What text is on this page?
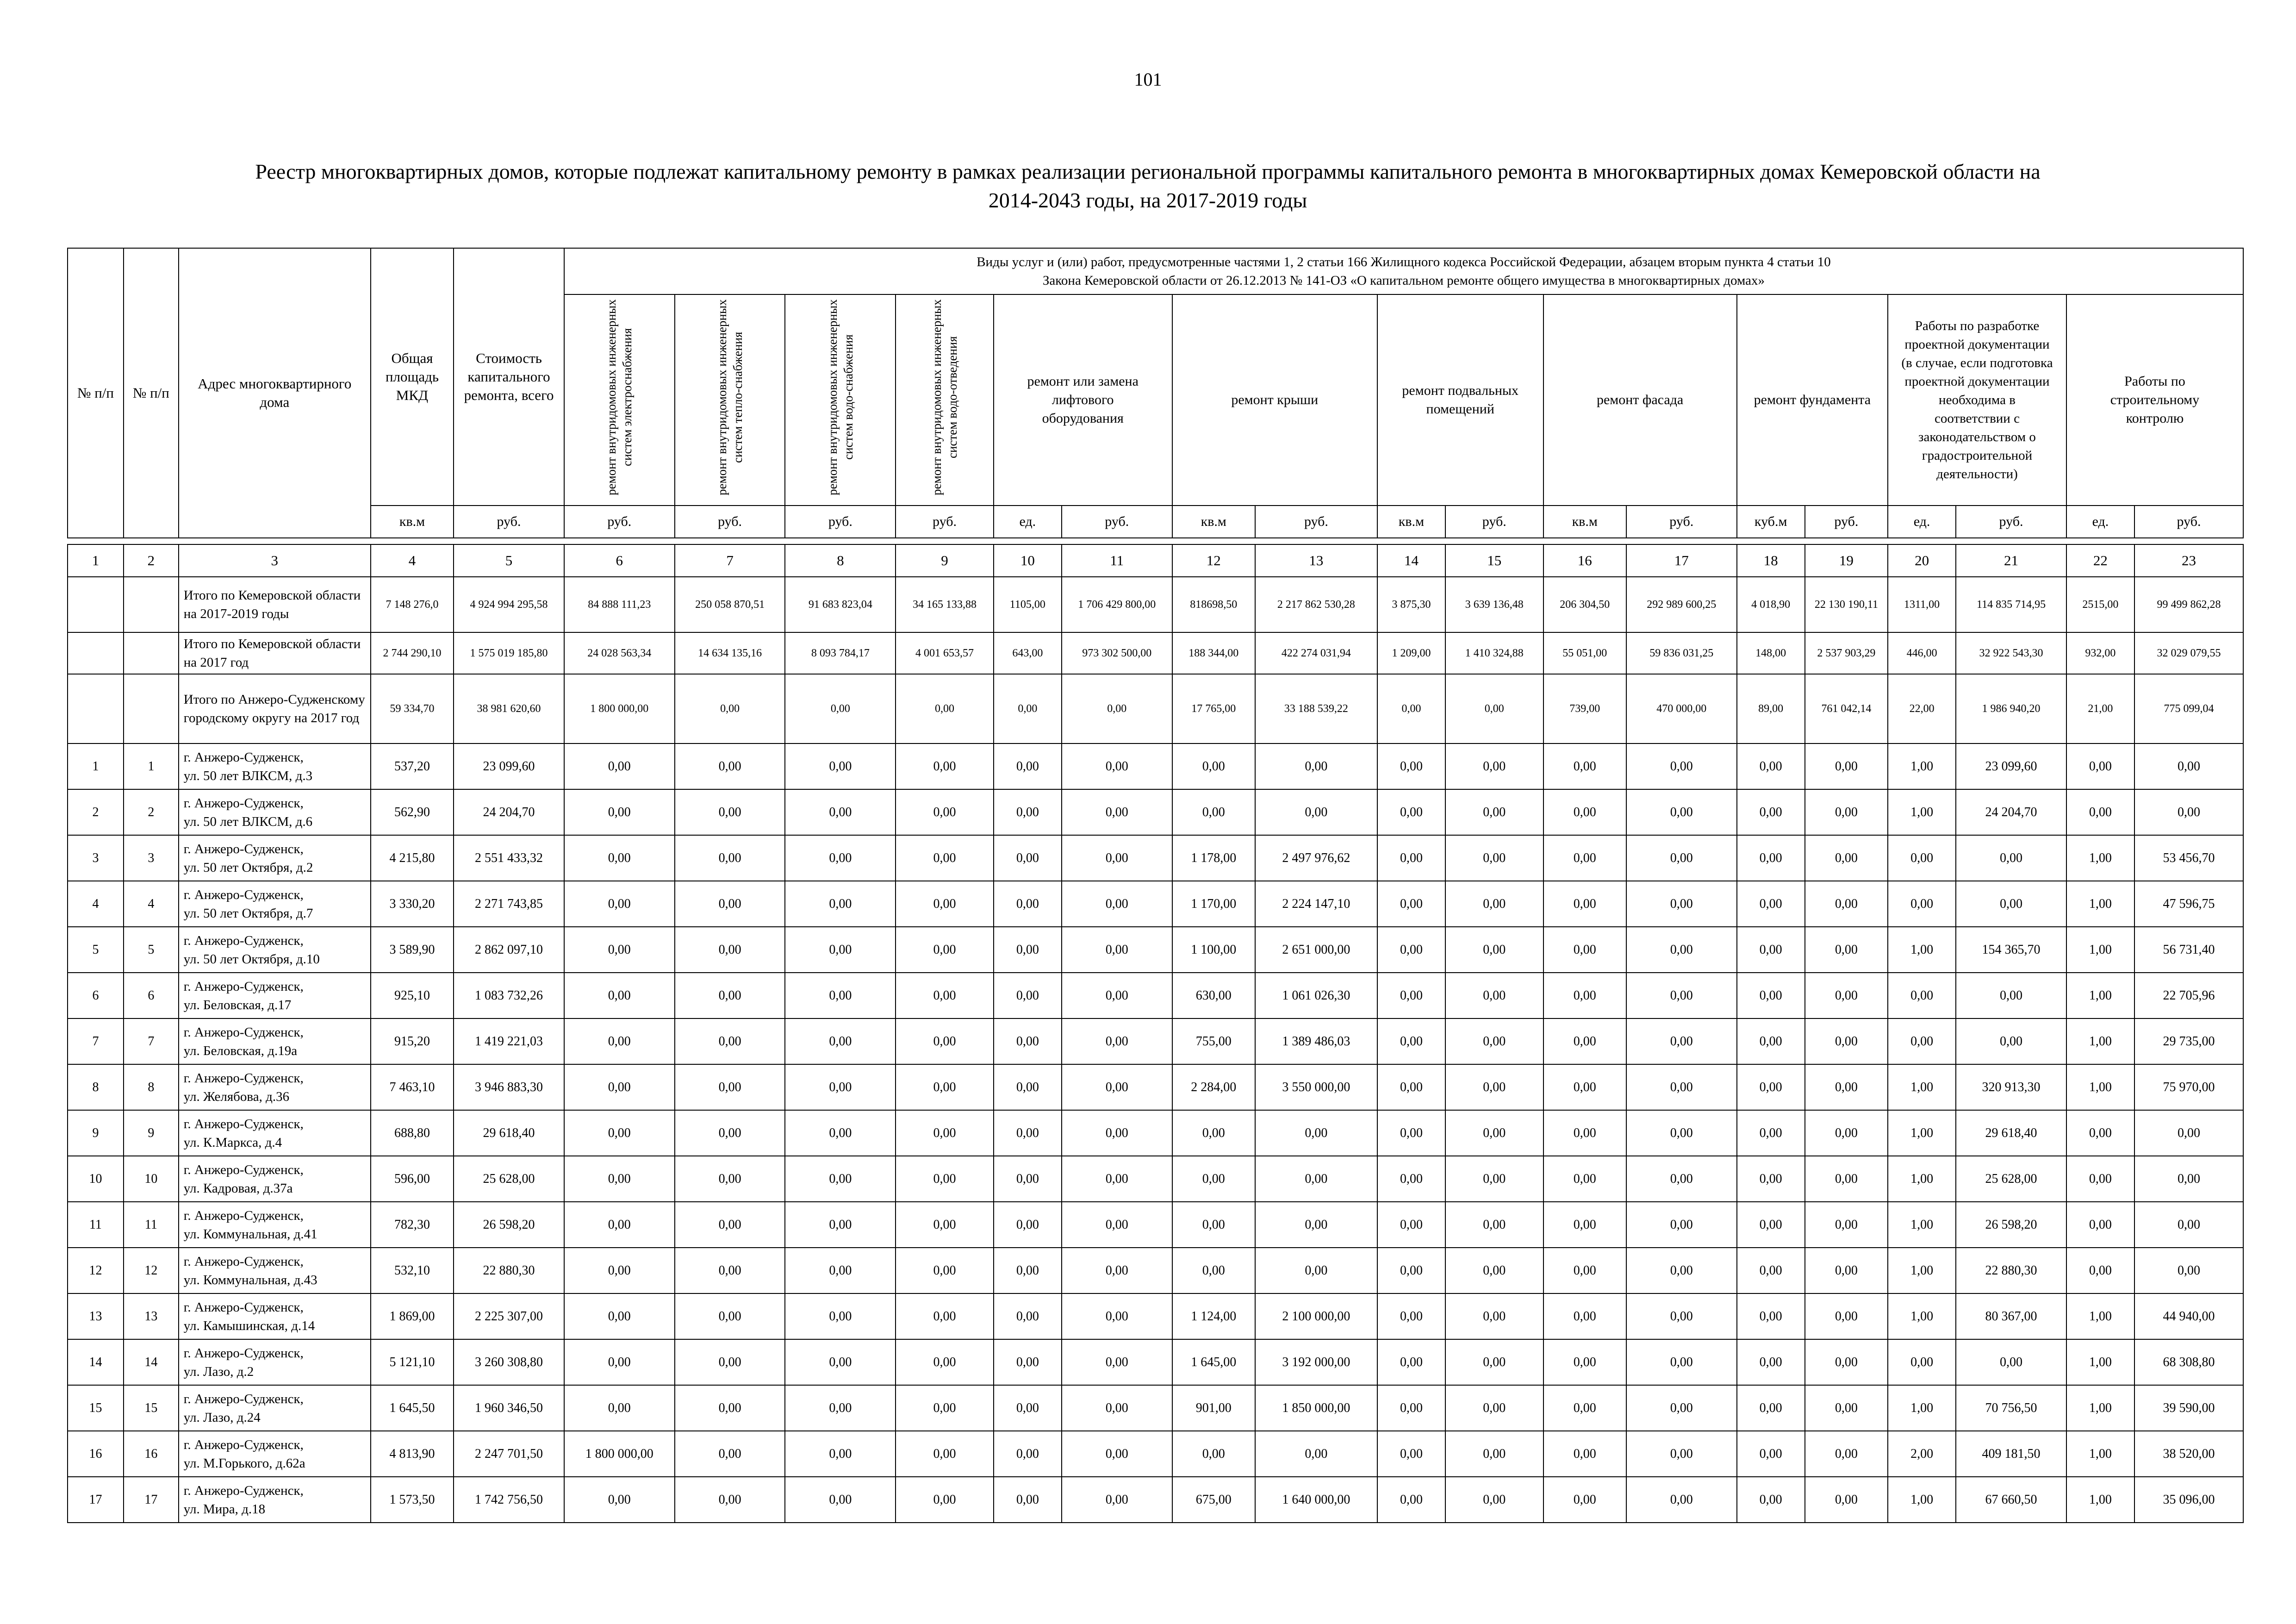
101
Реестр многоквартирных домов, которые подлежат капитальному ремонту в рамках реализации региональной программы капитального ремонта в многоквартирных домах Кемеровской области на
2014-2043 годы, на 2017-2019 годы
№ п/п	№ п/п	Адрес многоквартирного дома	Общая площадь МКД	Стоимость капитального ремонта, всего	Виды услуг и (или) работ, предусмотренные частями 1, 2 статьи 166 Жилищного кодекса Российской Федерации, абзацем вторым пункта 4 статьи 10
Закона Кемеровской области от 26.12.2013 № 141-ОЗ «О капитальном ремонте общего имущества в многоквартирных домах»																	

					ремонт внутридомовых инженерных систем электроснабжения	ремонт внутридомовых инженерных систем тепло-снабжения	ремонт внутридомовых инженерных систем водо-снабжения	ремонт внутридомовых инженерных систем водо-отведения	ремонт или замена лифтового оборудования		ремонт крыши		ремонт подвальных помещений		ремонт фасада		ремонт фундамента		Работы по разработке проектной документации (в случае, если подготовка проектной документации необходима в соответствии с законодательством о градостроительной деятельности)		Работы по строительному контролю	
			кв.м	руб.	руб.	руб.	руб.	руб.	ед.	руб.	кв.м	руб.	кв.м	руб.	кв.м	руб.	куб.м	руб.	ед.	руб.	ед.	руб.

1	2	3	4	5	6	7	8	9	10	11	12	13	14	15	16	17	18	19	20	21	22	23
		Итого по Кемеровской области на 2017-2019 годы	7 148 276,0	4 924 994 295,58	84 888 111,23	250 058 870,51	91 683 823,04	34 165 133,88	1105,00	1 706 429 800,00	818698,50	2 217 862 530,28	3 875,30	3 639 136,48	206 304,50	292 989 600,25	4 018,90	22 130 190,11	1311,00	114 835 714,95	2515,00	99 499 862,28
		Итого по Кемеровской области на 2017 год	2 744 290,10	1 575 019 185,80	24 028 563,34	14 634 135,16	8 093 784,17	4 001 653,57	643,00	973 302 500,00	188 344,00	422 274 031,94	1 209,00	1 410 324,88	55 051,00	59 836 031,25	148,00	2 537 903,29	446,00	32 922 543,30	932,00	32 029 079,55
		Итого по Анжеро-Судженскому городскому округу на 2017 год	59 334,70	38 981 620,60	1 800 000,00	0,00	0,00	0,00	0,00	0,00	17 765,00	33 188 539,22	0,00	0,00	739,00	470 000,00	89,00	761 042,14	22,00	1 986 940,20	21,00	775 099,04
1	1	г. Анжеро-Судженск,
ул. 50 лет ВЛКСМ, д.3	537,20	23 099,60	0,00	0,00	0,00	0,00	0,00	0,00	0,00	0,00	0,00	0,00	0,00	0,00	0,00	0,00	1,00	23 099,60	0,00	0,00
2	2	г. Анжеро-Судженск,
ул. 50 лет ВЛКСМ, д.6	562,90	24 204,70	0,00	0,00	0,00	0,00	0,00	0,00	0,00	0,00	0,00	0,00	0,00	0,00	0,00	0,00	1,00	24 204,70	0,00	0,00
3	3	г. Анжеро-Судженск,
ул. 50 лет Октября, д.2	4 215,80	2 551 433,32	0,00	0,00	0,00	0,00	0,00	0,00	1 178,00	2 497 976,62	0,00	0,00	0,00	0,00	0,00	0,00	0,00	0,00	1,00	53 456,70
4	4	г. Анжеро-Судженск,
ул. 50 лет Октября, д.7	3 330,20	2 271 743,85	0,00	0,00	0,00	0,00	0,00	0,00	1 170,00	2 224 147,10	0,00	0,00	0,00	0,00	0,00	0,00	0,00	0,00	1,00	47 596,75
5	5	г. Анжеро-Судженск,
ул. 50 лет Октября, д.10	3 589,90	2 862 097,10	0,00	0,00	0,00	0,00	0,00	0,00	1 100,00	2 651 000,00	0,00	0,00	0,00	0,00	0,00	0,00	1,00	154 365,70	1,00	56 731,40
6	6	г. Анжеро-Судженск,
ул. Беловская, д.17	925,10	1 083 732,26	0,00	0,00	0,00	0,00	0,00	0,00	630,00	1 061 026,30	0,00	0,00	0,00	0,00	0,00	0,00	0,00	0,00	1,00	22 705,96
7	7	г. Анжеро-Судженск,
ул. Беловская, д.19а	915,20	1 419 221,03	0,00	0,00	0,00	0,00	0,00	0,00	755,00	1 389 486,03	0,00	0,00	0,00	0,00	0,00	0,00	0,00	0,00	1,00	29 735,00
8	8	г. Анжеро-Судженск,
ул. Желябова, д.36	7 463,10	3 946 883,30	0,00	0,00	0,00	0,00	0,00	0,00	2 284,00	3 550 000,00	0,00	0,00	0,00	0,00	0,00	0,00	1,00	320 913,30	1,00	75 970,00
9	9	г. Анжеро-Судженск,
ул. К.Маркса, д.4	688,80	29 618,40	0,00	0,00	0,00	0,00	0,00	0,00	0,00	0,00	0,00	0,00	0,00	0,00	0,00	0,00	1,00	29 618,40	0,00	0,00
10	10	г. Анжеро-Судженск,
ул. Кадровая, д.37а	596,00	25 628,00	0,00	0,00	0,00	0,00	0,00	0,00	0,00	0,00	0,00	0,00	0,00	0,00	0,00	0,00	1,00	25 628,00	0,00	0,00
11	11	г. Анжеро-Судженск,
ул. Коммунальная, д.41	782,30	26 598,20	0,00	0,00	0,00	0,00	0,00	0,00	0,00	0,00	0,00	0,00	0,00	0,00	0,00	0,00	1,00	26 598,20	0,00	0,00
12	12	г. Анжеро-Судженск,
ул. Коммунальная, д.43	532,10	22 880,30	0,00	0,00	0,00	0,00	0,00	0,00	0,00	0,00	0,00	0,00	0,00	0,00	0,00	0,00	1,00	22 880,30	0,00	0,00
13	13	г. Анжеро-Судженск,
ул. Камышинская, д.14	1 869,00	2 225 307,00	0,00	0,00	0,00	0,00	0,00	0,00	1 124,00	2 100 000,00	0,00	0,00	0,00	0,00	0,00	0,00	1,00	80 367,00	1,00	44 940,00
14	14	г. Анжеро-Судженск,
ул. Лазо, д.2	5 121,10	3 260 308,80	0,00	0,00	0,00	0,00	0,00	0,00	1 645,00	3 192 000,00	0,00	0,00	0,00	0,00	0,00	0,00	0,00	0,00	1,00	68 308,80
15	15	г. Анжеро-Судженск,
ул. Лазо, д.24	1 645,50	1 960 346,50	0,00	0,00	0,00	0,00	0,00	0,00	901,00	1 850 000,00	0,00	0,00	0,00	0,00	0,00	0,00	1,00	70 756,50	1,00	39 590,00
16	16	г. Анжеро-Судженск,
ул. М.Горького, д.62а	4 813,90	2 247 701,50	1 800 000,00	0,00	0,00	0,00	0,00	0,00	0,00	0,00	0,00	0,00	0,00	0,00	0,00	0,00	2,00	409 181,50	1,00	38 520,00
17	17	г. Анжеро-Судженск,
ул. Мира, д.18	1 573,50	1 742 756,50	0,00	0,00	0,00	0,00	0,00	0,00	675,00	1 640 000,00	0,00	0,00	0,00	0,00	0,00	0,00	1,00	67 660,50	1,00	35 096,00
